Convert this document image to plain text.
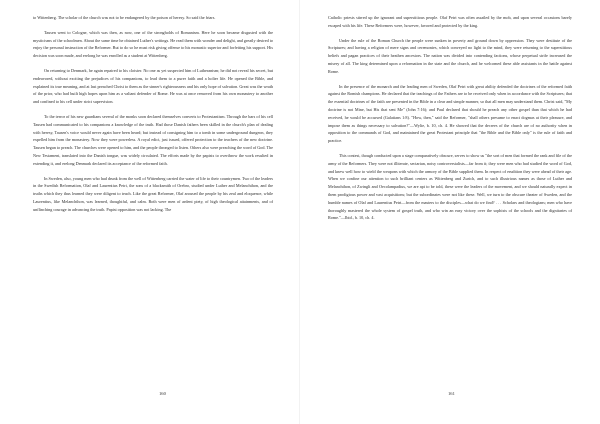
to Wittenberg. The scholar of the church was not to be endangered by the poison of heresy. So said the friars.

Tausen went to Cologne, which was then, as now, one of the strongholds of Romanism. Here he soon became disgusted with the mysticisms of the schoolmen. About the same time he obtained Luther's writings. He read them with wonder and delight, and greatly desired to enjoy the personal instruction of the Reformer. But to do so he must risk giving offense to his monastic superior and forfeiting his support. His decision was soon made, and erelong he was enrolled as a student at Wittenberg.

On returning to Denmark, he again repaired to his cloister. No one as yet suspected him of Lutheranism; he did not reveal his secret, but endeavored, without exciting the prejudices of his companions, to lead them to a purer faith and a holier life. He opened the Bible, and explained its true meaning, and at last preached Christ to them as the sinner's righteousness and his only hope of salvation. Great was the wrath of the prior, who had built high hopes upon him as a valiant defender of Rome. He was at once removed from his own monastery to another and confined to his cell under strict supervision.

To the terror of his new guardians several of the monks soon declared themselves converts to Protestantism. Through the bars of his cell Tausen had communicated to his companions a knowledge of the truth. Had those Danish fathers been skilled in the church's plan of dealing with heresy, Tausen's voice would never again have been heard; but instead of consigning him to a tomb in some underground dungeon, they expelled him from the monastery. Now they were powerless. A royal edict, just issued, offered protection to the teachers of the new doctrine. Tausen began to preach. The churches were opened to him, and the people thronged to listen. Others also were preaching the word of God. The New Testament, translated into the Danish tongue, was widely circulated. The efforts made by the papists to overthrow the work resulted in extending it, and erelong Denmark declared its acceptance of the reformed faith.

In Sweden, also, young men who had drunk from the well of Wittenberg carried the water of life to their countrymen. Two of the leaders in the Swedish Reformation, Olaf and Laurentius Petri, the sons of a blacksmith of Orebro, studied under Luther and Melanchthon, and the truths which they thus learned they were diligent to teach. Like the great Reformer, Olaf aroused the people by his zeal and eloquence, while Laurentius, like Melanchthon, was learned, thoughtful, and calm. Both were men of ardent piety, of high theological attainments, and of unflinching courage in advancing the truth. Papist opposition was not lacking. The

160

Catholic priests stirred up the ignorant and superstitious people. Olaf Petri was often assailed by the mob, and upon several occasions barely escaped with his life. These Reformers were, however, favored and protected by the king.

Under the rule of the Roman Church the people were sunken in poverty and ground down by oppression. They were destitute of the Scriptures; and having a religion of mere signs and ceremonies, which conveyed no light to the mind, they were returning to the superstitious beliefs and pagan practices of their heathen ancestors. The nation was divided into contending factions, whose perpetual strife increased the misery of all. The king determined upon a reformation in the state and the church, and he welcomed these able assistants in the battle against Rome.

In the presence of the monarch and the leading men of Sweden, Olaf Petri with great ability defended the doctrines of the reformed faith against the Romish champions. He declared that the teachings of the Fathers are to be received only when in accordance with the Scriptures; that the essential doctrines of the faith are presented in the Bible in a clear and simple manner, so that all men may understand them. Christ said, "My doctrine is not Mine, but His that sent Me" (John 7:16); and Paul declared that should he preach any other gospel than that which he had received, he would be accursed (Galatians 1:8). "How, then," said the Reformer, "shall others presume to enact dogmas at their pleasure, and impose them as things necessary to salvation?"—Wylie, b. 10, ch. 4. He showed that the decrees of the church are of no authority when in opposition to the commands of God, and maintained the great Protestant principle that "the Bible and the Bible only" is the rule of faith and practice.

This contest, though conducted upon a stage comparatively obscure, serves to show us "the sort of men that formed the rank and file of the army of the Reformers. They were not illiterate, sectarian, noisy controversialists—far from it; they were men who had studied the word of God, and knew well how to wield the weapons with which the armory of the Bible supplied them. In respect of erudition they were ahead of their age. When we confine our attention to such brilliant centers as Wittenberg and Zurich, and to such illustrious names as those of Luther and Melanchthon, of Zwingli and Oecolampadius, we are apt to be told, these were the leaders of the movement, and we should naturally expect in them prodigious power and vast acquisitions; but the subordinates were not like these. Well, we turn to the obscure theater of Sweden, and the humble names of Olaf and Laurentius Petri—from the masters to the disciples—what do we find? . . . Scholars and theologians; men who have thoroughly mastered the whole system of gospel truth, and who win an easy victory over the sophists of the schools and the dignitaries of Rome."—Ibid., b. 10, ch. 4.

161
